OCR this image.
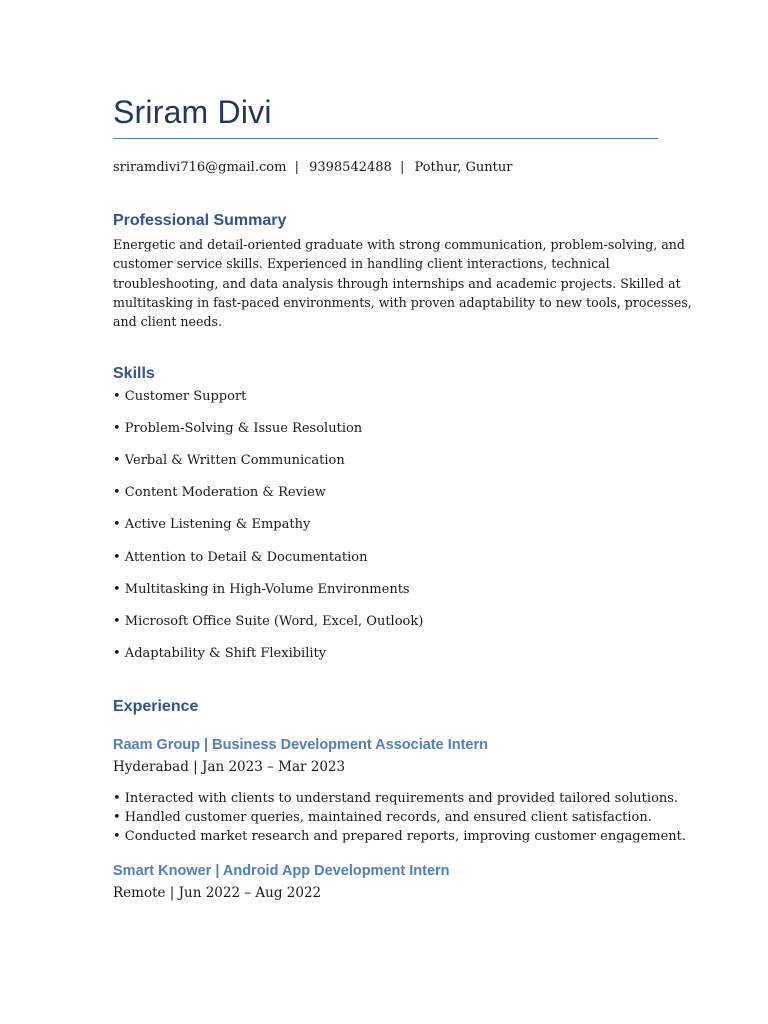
Sriram Divi
sriramdivi716@gmail.com | 9398542488 | Pothur, Guntur
Professional Summary
Energetic and detail-oriented graduate with strong communication, problem-solving, and
customer service skills. Experienced in handling client interactions, technical
troubleshooting, and data analysis through internships and academic projects. Skilled at
multitasking in fast-paced environments, with proven adaptability to new tools, processes,
and client needs.
Skills
• Customer Support
• Problem-Solving & Issue Resolution
• Verbal & Written Communication
• Content Moderation & Review
• Active Listening & Empathy
• Attention to Detail & Documentation
• Multitasking in High-Volume Environments
• Microsoft Office Suite (Word, Excel, Outlook)
• Adaptability & Shift Flexibility
Experience
Raam Group | Business Development Associate Intern
Hyderabad | Jan 2023 – Mar 2023
• Interacted with clients to understand requirements and provided tailored solutions.
• Handled customer queries, maintained records, and ensured client satisfaction.
• Conducted market research and prepared reports, improving customer engagement.
Smart Knower | Android App Development Intern
Remote | Jun 2022 – Aug 2022
